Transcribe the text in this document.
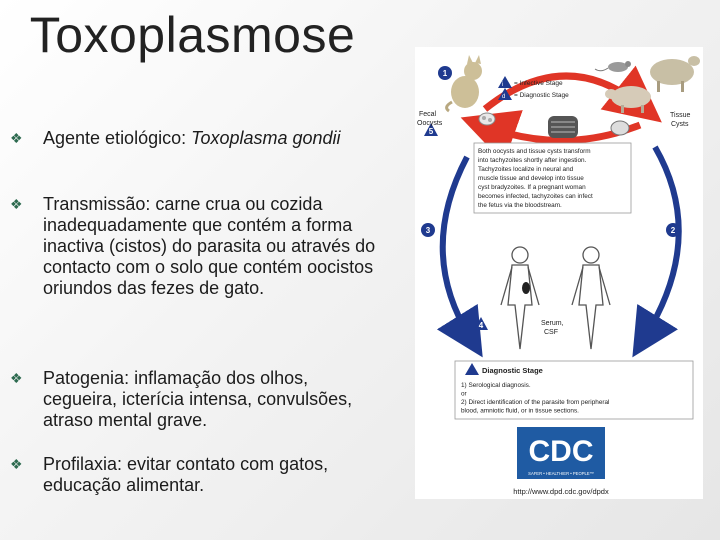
Toxoplasmose
❖ Agente etiológico: Toxoplasma gondii
❖ Transmissão: carne crua ou cozida inadequadamente que contém a forma inactiva (cistos) do parasita ou através do contacto com o solo que contém oocistos oriundos das fezes de gato.
❖ Patogenia: inflamação dos olhos, cegueira, icterícia intensa, convulsões, atraso mental grave.
❖ Profilaxia: evitar contato com gatos, educação alimentar.
1
2
3
4
5
i = Infective Stage
d = Diagnostic Stage
Fecal
Oocysts
Tissue
Cysts
Both oocysts and tissue cysts transform
into tachyzoites shortly after ingestion.
Tachyzoites localize in neural and
muscle tissue and develop into tissue
cyst bradyzoites. If a pregnant woman
becomes infected, tachyzoites can infect
the fetus via the bloodstream.
Serum,
CSF
Diagnostic Stage
1) Serological diagnosis.
or
2) Direct identification of the parasite from peripheral
blood, amniotic fluid, or in tissue sections.
CDC
SAFER • HEALTHIER • PEOPLE™
http://www.dpd.cdc.gov/dpdx
